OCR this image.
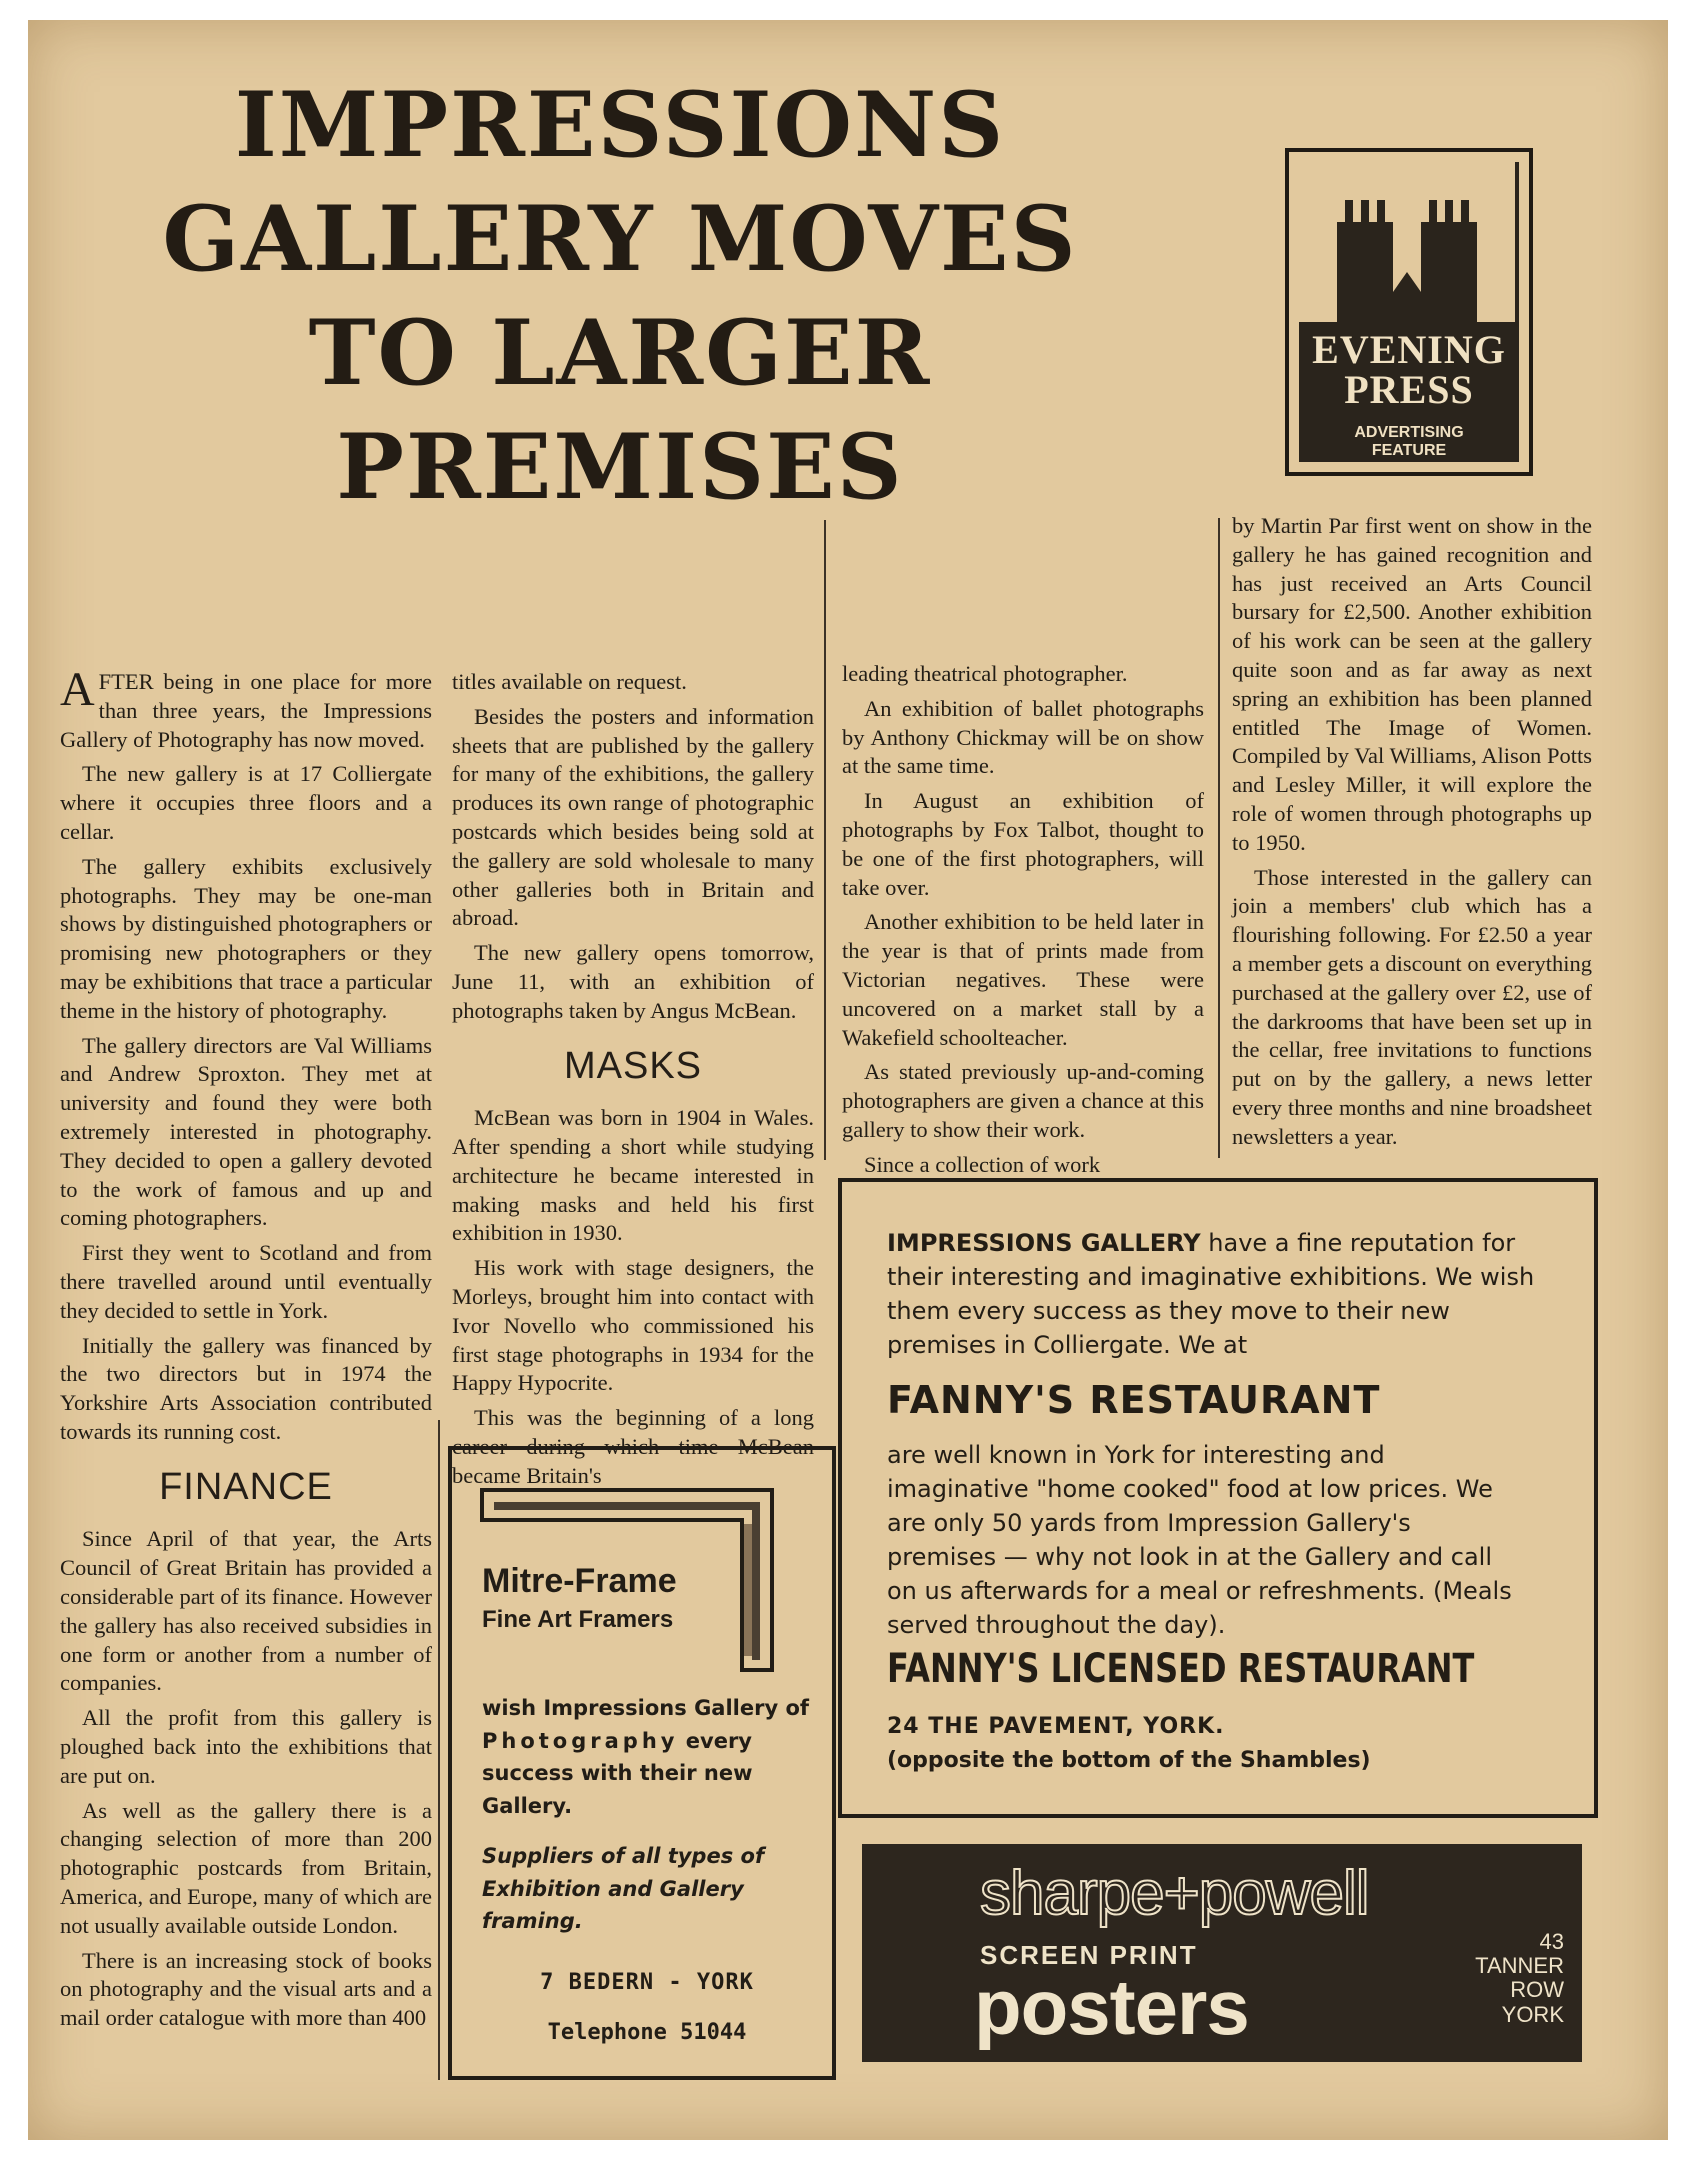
IMPRESSIONS
GALLERY MOVES
TO LARGER
PREMISES
EVENING
PRESS
ADVERTISING
FEATURE

AFTER being in one place for more than three years, the Impressions Gallery of Photography has now moved.

The new gallery is at 17 Colliergate where it occupies three floors and a cellar.

The gallery exhibits exclusively photographs. They may be one-man shows by distinguished photographers or promising new photographers or they may be exhibitions that trace a particular theme in the history of photography.

The gallery directors are Val Williams and Andrew Sproxton. They met at university and found they were both extremely interested in photography. They decided to open a gallery devoted to the work of famous and up and coming photographers.

First they went to Scotland and from there travelled around until eventually they decided to settle in York.

Initially the gallery was financed by the two directors but in 1974 the Yorkshire Arts Association contributed towards its running cost.

FINANCE

Since April of that year, the Arts Council of Great Britain has provided a considerable part of its finance. However the gallery has also received subsidies in one form or another from a number of companies.

All the profit from this gallery is ploughed back into the exhibitions that are put on.

As well as the gallery there is a changing selection of more than 200 photographic postcards from Britain, America, and Europe, many of which are not usually available outside London.

There is an increasing stock of books on photography and the visual arts and a mail order catalogue with more than 400

titles available on request.

Besides the posters and information sheets that are published by the gallery for many of the exhibitions, the gallery produces its own range of photographic postcards which besides being sold at the gallery are sold wholesale to many other galleries both in Britain and abroad.

The new gallery opens tomorrow, June 11, with an exhibition of photographs taken by Angus McBean.

MASKS

McBean was born in 1904 in Wales. After spending a short while studying architecture he became interested in making masks and held his first exhibition in 1930.

His work with stage designers, the Morleys, brought him into contact with Ivor Novello who commissioned his first stage photographs in 1934 for the Happy Hypocrite.

This was the beginning of a long career during which time McBean became Britain's

leading theatrical photographer.

An exhibition of ballet photographs by Anthony Chickmay will be on show at the same time.

In August an exhibition of photographs by Fox Talbot, thought to be one of the first photographers, will take over.

Another exhibition to be held later in the year is that of prints made from Victorian negatives. These were uncovered on a market stall by a Wakefield schoolteacher.

As stated previously up-and-coming photographers are given a chance at this gallery to show their work.

Since a collection of work

by Martin Par first went on show in the gallery he has gained recognition and has just received an Arts Council bursary for £2,500. Another exhibition of his work can be seen at the gallery quite soon and as far away as next spring an exhibition has been planned entitled The Image of Women. Compiled by Val Williams, Alison Potts and Lesley Miller, it will explore the role of women through photographs up to 1950.

Those interested in the gallery can join a members' club which has a flourishing following. For £2.50 a year a member gets a discount on everything purchased at the gallery over £2, use of the darkrooms that have been set up in the cellar, free invitations to functions put on by the gallery, a news letter every three months and nine broadsheet newsletters a year.

IMPRESSIONS GALLERY have a fine reputation for their interesting and imaginative exhibitions. We wish them every success as they move to their new premises in Colliergate. We at
FANNY'S RESTAURANT
are well known in York for interesting and imaginative "home cooked" food at low prices. We are only 50 yards from Impression Gallery's premises — why not look in at the Gallery and call on us afterwards for a meal or refreshments. (Meals served throughout the day).
FANNY'S LICENSED RESTAURANT
24 THE PAVEMENT, YORK.
(opposite the bottom of the Shambles)
Mitre-Frame
Fine Art Framers
wish Impressions Gallery of Photography every success with their new Gallery.
Suppliers of all types of Exhibition and Gallery framing.
7 BEDERN - YORK
Telephone 51044
sharpe+powell
SCREEN PRINT
posters
43
TANNER
ROW
YORK
